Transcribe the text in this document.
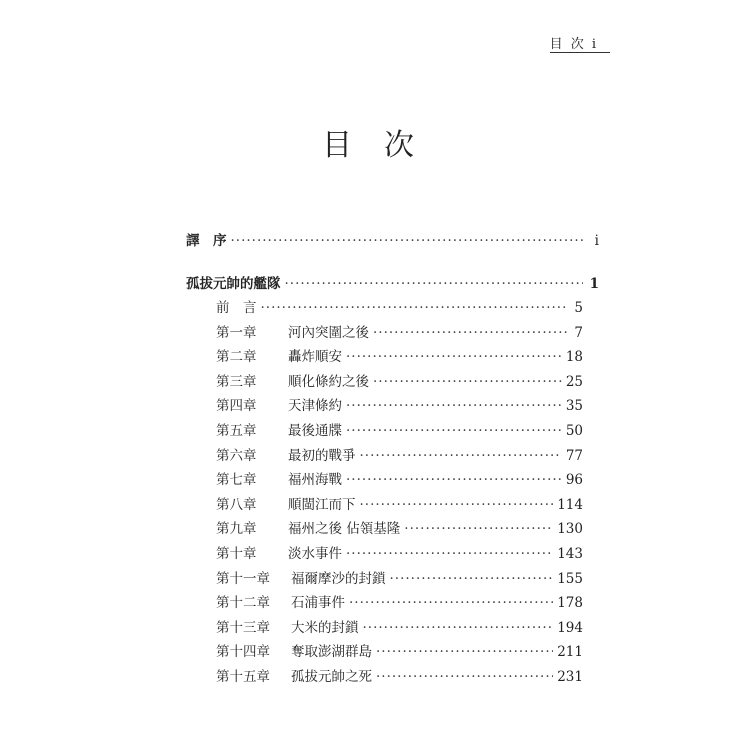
目 次 i
目次
譯　序 ·····	i
孤拔元帥的艦隊 ·····	1
前　言 ·····	5
第一章	河內突圍之後 ·····	7
第二章	轟炸順安 ·····	18
第三章	順化條約之後 ·····	25
第四章	天津條約 ·····	35
第五章	最後通牒 ·····	50
第六章	最初的戰爭 ·····	77
第七章	福州海戰 ·····	96
第八章	順閩江而下 ·····	114
第九章	福州之後 佔領基隆 ·····	130
第十章	淡水事件 ·····	143
第十一章	福爾摩沙的封鎖 ·····	155
第十二章	石浦事件 ·····	178
第十三章	大米的封鎖 ·····	194
第十四章	奪取澎湖群島 ·····	211
第十五章	孤拔元帥之死 ·····	231
